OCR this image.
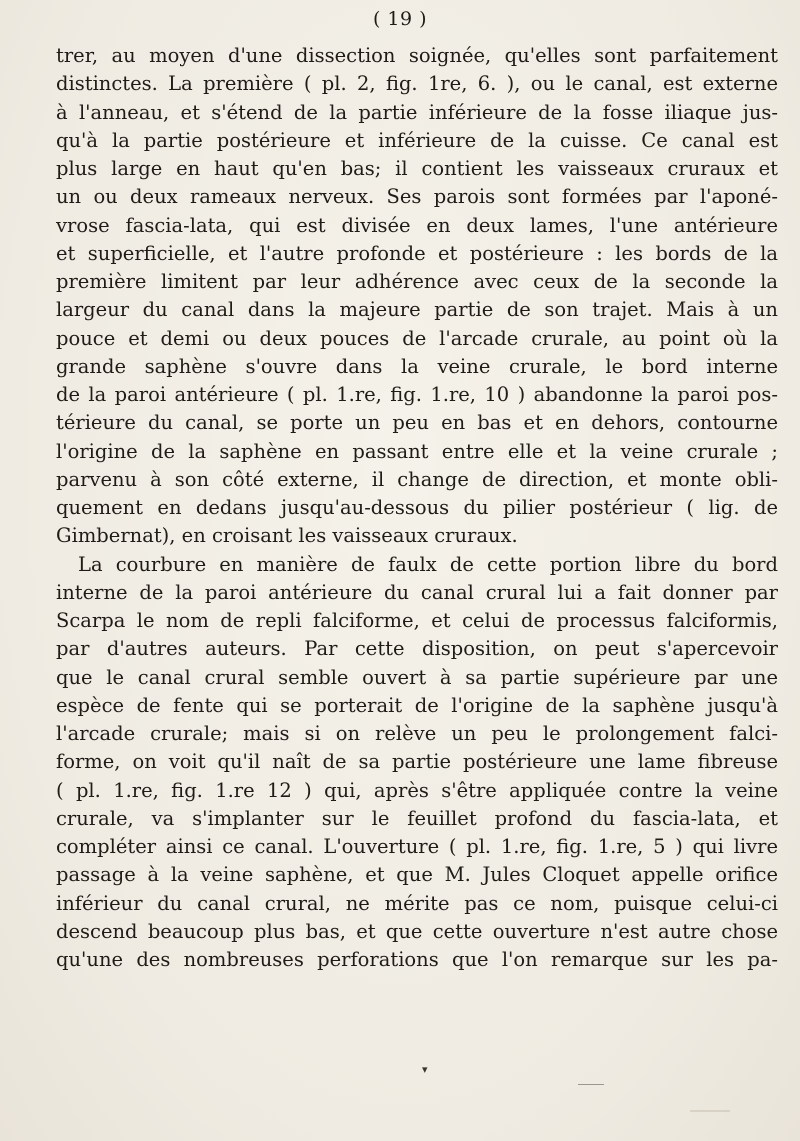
( 19 )
trer, au moyen d'une dissection soignée, qu'elles sont parfaitement
distinctes. La première ( pl. 2, fig. 1re, 6. ), ou le canal, est externe
à l'anneau, et s'étend de la partie inférieure de la fosse iliaque jus-
qu'à la partie postérieure et inférieure de la cuisse. Ce canal est
plus large en haut qu'en bas; il contient les vaisseaux cruraux et
un ou deux rameaux nerveux. Ses parois sont formées par l'aponé-
vrose fascia-lata, qui est divisée en deux lames, l'une antérieure
et superficielle, et l'autre profonde et postérieure : les bords de la
première limitent par leur adhérence avec ceux de la seconde la
largeur du canal dans la majeure partie de son trajet. Mais à un
pouce et demi ou deux pouces de l'arcade crurale, au point où la
grande saphène s'ouvre dans la veine crurale, le bord interne
de la paroi antérieure ( pl. 1.re, fig. 1.re, 10 ) abandonne la paroi pos-
térieure du canal, se porte un peu en bas et en dehors, contourne
l'origine de la saphène en passant entre elle et la veine crurale ;
parvenu à son côté externe, il change de direction, et monte obli-
quement en dedans jusqu'au-dessous du pilier postérieur ( lig. de
Gimbernat), en croisant les vaisseaux cruraux.
La courbure en manière de faulx de cette portion libre du bord
interne de la paroi antérieure du canal crural lui a fait donner par
Scarpa le nom de repli falciforme, et celui de processus falciformis,
par d'autres auteurs. Par cette disposition, on peut s'apercevoir
que le canal crural semble ouvert à sa partie supérieure par une
espèce de fente qui se porterait de l'origine de la saphène jusqu'à
l'arcade crurale; mais si on relève un peu le prolongement falci-
forme, on voit qu'il naît de sa partie postérieure une lame fibreuse
( pl. 1.re, fig. 1.re 12 ) qui, après s'être appliquée contre la veine
crurale, va s'implanter sur le feuillet profond du fascia-lata, et
compléter ainsi ce canal. L'ouverture ( pl. 1.re, fig. 1.re, 5 ) qui livre
passage à la veine saphène, et que M. Jules Cloquet appelle orifice
inférieur du canal crural, ne mérite pas ce nom, puisque celui-ci
descend beaucoup plus bas, et que cette ouverture n'est autre chose
qu'une des nombreuses perforations que l'on remarque sur les pa-
▾
